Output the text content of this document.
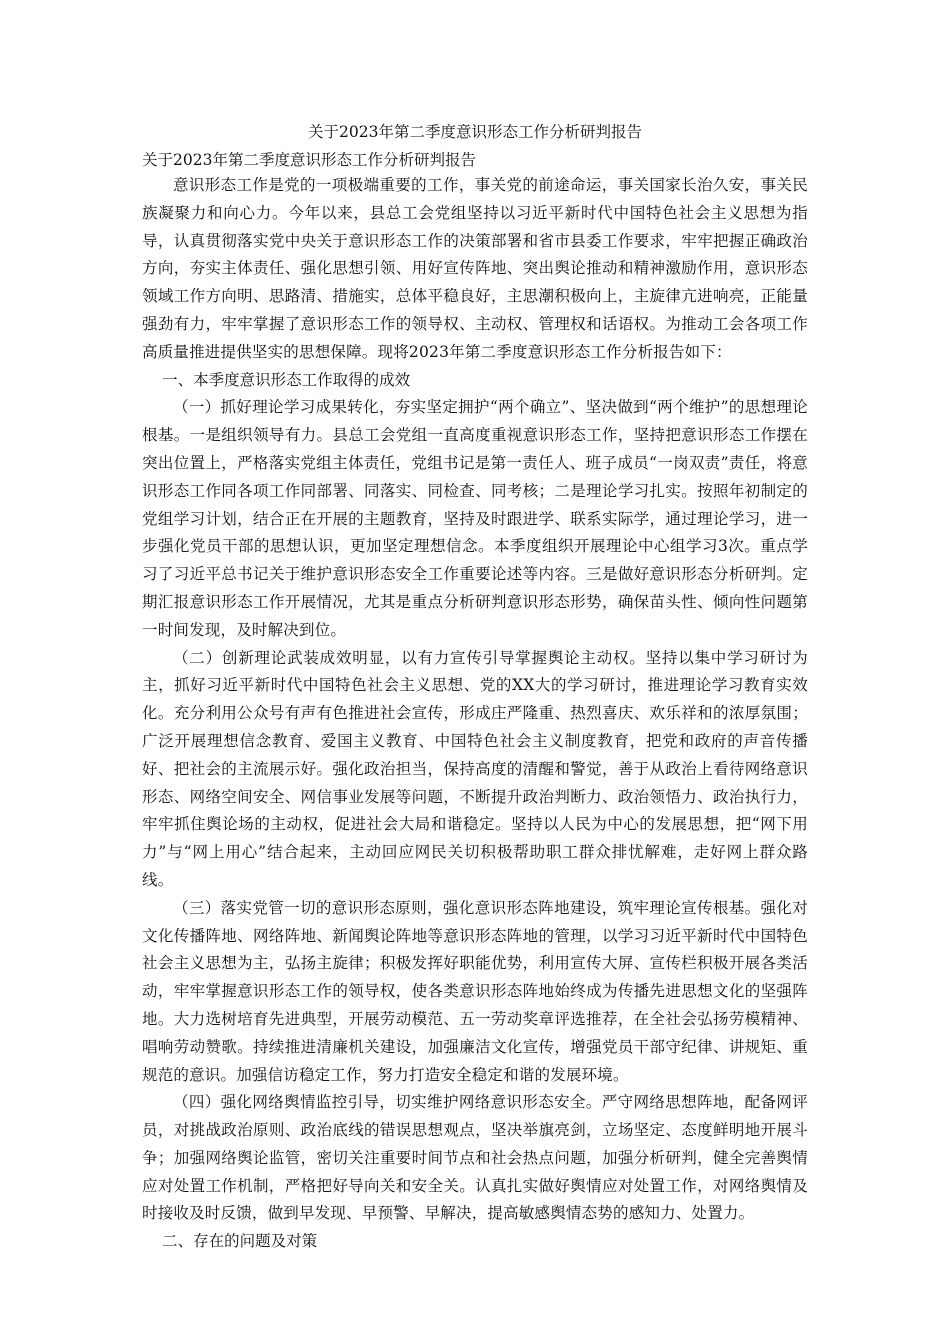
关于2023年第二季度意识形态工作分析研判报告

关于2023年第二季度意识形态工作分析研判报告

意识形态工作是党的一项极端重要的工作，事关党的前途命运，事关国家长治久安，事关民族凝聚力和向心力。今年以来，县总工会党组坚持以习近平新时代中国特色社会主义思想为指导，认真贯彻落实党中央关于意识形态工作的决策部署和省市县委工作要求，牢牢把握正确政治方向，夯实主体责任、强化思想引领、用好宣传阵地、突出舆论推动和精神激励作用，意识形态领域工作方向明、思路清、措施实，总体平稳良好，主思潮积极向上，主旋律亢进响亮，正能量强劲有力，牢牢掌握了意识形态工作的领导权、主动权、管理权和话语权。为推动工会各项工作高质量推进提供坚实的思想保障。现将2023年第二季度意识形态工作分析报告如下：

一、本季度意识形态工作取得的成效

（一）抓好理论学习成果转化，夯实坚定拥护“两个确立”、坚决做到“两个维护”的思想理论根基。一是组织领导有力。县总工会党组一直高度重视意识形态工作，坚持把意识形态工作摆在突出位置上，严格落实党组主体责任，党组书记是第一责任人、班子成员“一岗双责”责任，将意识形态工作同各项工作同部署、同落实、同检查、同考核；二是理论学习扎实。按照年初制定的党组学习计划，结合正在开展的主题教育，坚持及时跟进学、联系实际学，通过理论学习，进一步强化党员干部的思想认识，更加坚定理想信念。本季度组织开展理论中心组学习3次。重点学习了习近平总书记关于维护意识形态安全工作重要论述等内容。三是做好意识形态分析研判。定期汇报意识形态工作开展情况，尤其是重点分析研判意识形态形势，确保苗头性、倾向性问题第一时间发现，及时解决到位。

（二）创新理论武装成效明显，以有力宣传引导掌握舆论主动权。坚持以集中学习研讨为主，抓好习近平新时代中国特色社会主义思想、党的XX大的学习研讨，推进理论学习教育实效化。充分利用公众号有声有色推进社会宣传，形成庄严隆重、热烈喜庆、欢乐祥和的浓厚氛围；广泛开展理想信念教育、爱国主义教育、中国特色社会主义制度教育，把党和政府的声音传播好、把社会的主流展示好。强化政治担当，保持高度的清醒和警觉，善于从政治上看待网络意识形态、网络空间安全、网信事业发展等问题，不断提升政治判断力、政治领悟力、政治执行力，牢牢抓住舆论场的主动权，促进社会大局和谐稳定。坚持以人民为中心的发展思想，把“网下用力”与“网上用心”结合起来，主动回应网民关切积极帮助职工群众排忧解难，走好网上群众路线。

（三）落实党管一切的意识形态原则，强化意识形态阵地建设，筑牢理论宣传根基。强化对文化传播阵地、网络阵地、新闻舆论阵地等意识形态阵地的管理，以学习习近平新时代中国特色社会主义思想为主，弘扬主旋律；积极发挥好职能优势，利用宣传大屏、宣传栏积极开展各类活动，牢牢掌握意识形态工作的领导权，使各类意识形态阵地始终成为传播先进思想文化的坚强阵地。大力选树培育先进典型，开展劳动模范、五一劳动奖章评选推荐，在全社会弘扬劳模精神、唱响劳动赞歌。持续推进清廉机关建设，加强廉洁文化宣传，增强党员干部守纪律、讲规矩、重规范的意识。加强信访稳定工作，努力打造安全稳定和谐的发展环境。

（四）强化网络舆情监控引导，切实维护网络意识形态安全。严守网络思想阵地，配备网评员，对挑战政治原则、政治底线的错误思想观点，坚决举旗亮剑，立场坚定、态度鲜明地开展斗争；加强网络舆论监管，密切关注重要时间节点和社会热点问题，加强分析研判，健全完善舆情应对处置工作机制，严格把好导向关和安全关。认真扎实做好舆情应对处置工作，对网络舆情及时接收及时反馈，做到早发现、早预警、早解决，提高敏感舆情态势的感知力、处置力。

二、存在的问题及对策
